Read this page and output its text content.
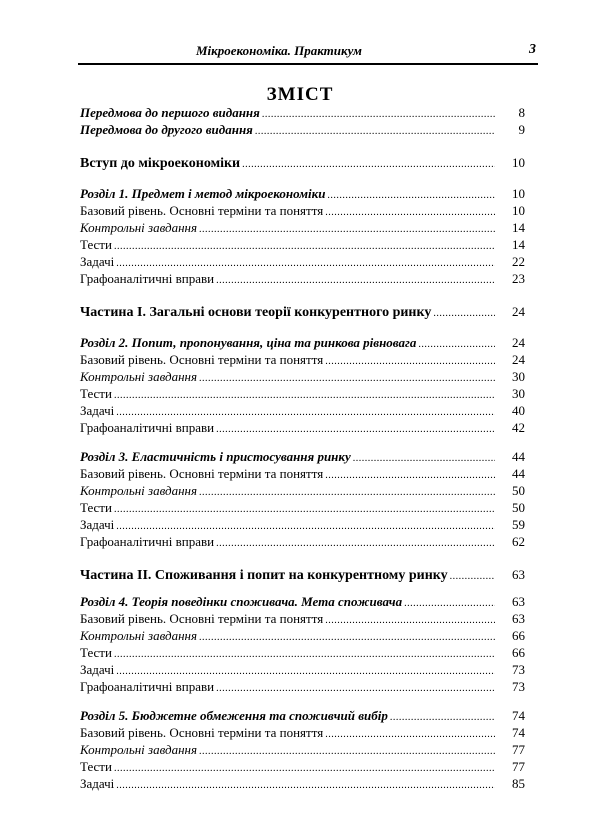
Мікроекономіка. Практикум	3
ЗМІСТ
Передмова до першого видання .....	8
Передмова до другого видання .....	9
Вступ до мікроекономіки .....	10
Розділ 1. Предмет і метод мікроекономіки .....	10
Базовий рівень. Основні терміни та поняття .....	10
Контрольні завдання .....	14
Тести .....	14
Задачі .....	22
Графоаналітичні вправи .....	23
Частина І. Загальні основи теорії конкурентного ринку .....	24
Розділ 2. Попит, пропонування, ціна та ринкова рівновага .....	24
Базовий рівень. Основні терміни та поняття .....	24
Контрольні завдання .....	30
Тести .....	30
Задачі .....	40
Графоаналітичні вправи .....	42
Розділ 3. Еластичність і пристосування ринку .....	44
Базовий рівень. Основні терміни та поняття .....	44
Контрольні завдання .....	50
Тести .....	50
Задачі .....	59
Графоаналітичні вправи .....	62
Частина ІІ. Споживання і попит на конкурентному ринку .....	63
Розділ 4. Теорія поведінки споживача. Мета споживача .....	63
Базовий рівень. Основні терміни та поняття .....	63
Контрольні завдання .....	66
Тести .....	66
Задачі .....	73
Графоаналітичні вправи .....	73
Розділ 5. Бюджетне обмеження та споживчий вибір .....	74
Базовий рівень. Основні терміни та поняття .....	74
Контрольні завдання .....	77
Тести .....	77
Задачі .....	85
